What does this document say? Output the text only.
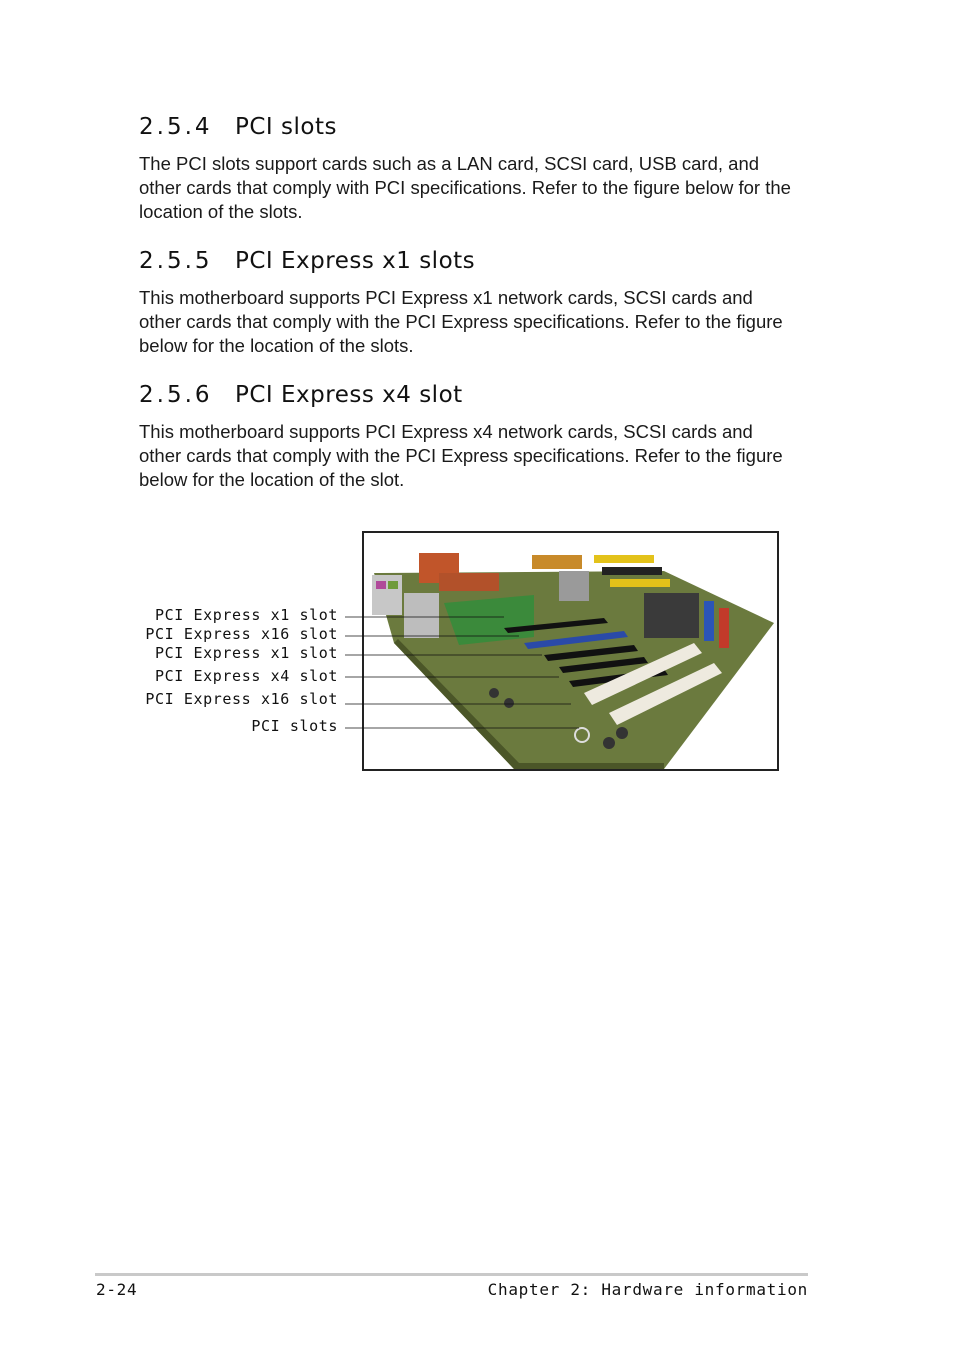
2.5.4 PCI slots

The PCI slots support cards such as a LAN card, SCSI card, USB card, and other cards that comply with PCI specifications. Refer to the figure below for the location of the slots.

2.5.5 PCI Express x1 slots

This motherboard supports PCI Express x1 network cards, SCSI cards and other cards that comply with the PCI Express specifications. Refer to the figure below for the location of the slots.

2.5.6 PCI Express x4 slot

This motherboard supports PCI Express x4 network cards, SCSI cards and other cards that comply with the PCI Express specifications. Refer to the figure below for the location of the slot.

PCI Express x1 slot
PCI Express x16 slot
PCI Express x1 slot
PCI Express x4 slot
PCI Express x16 slot
PCI slots
2-24	Chapter 2: Hardware information
